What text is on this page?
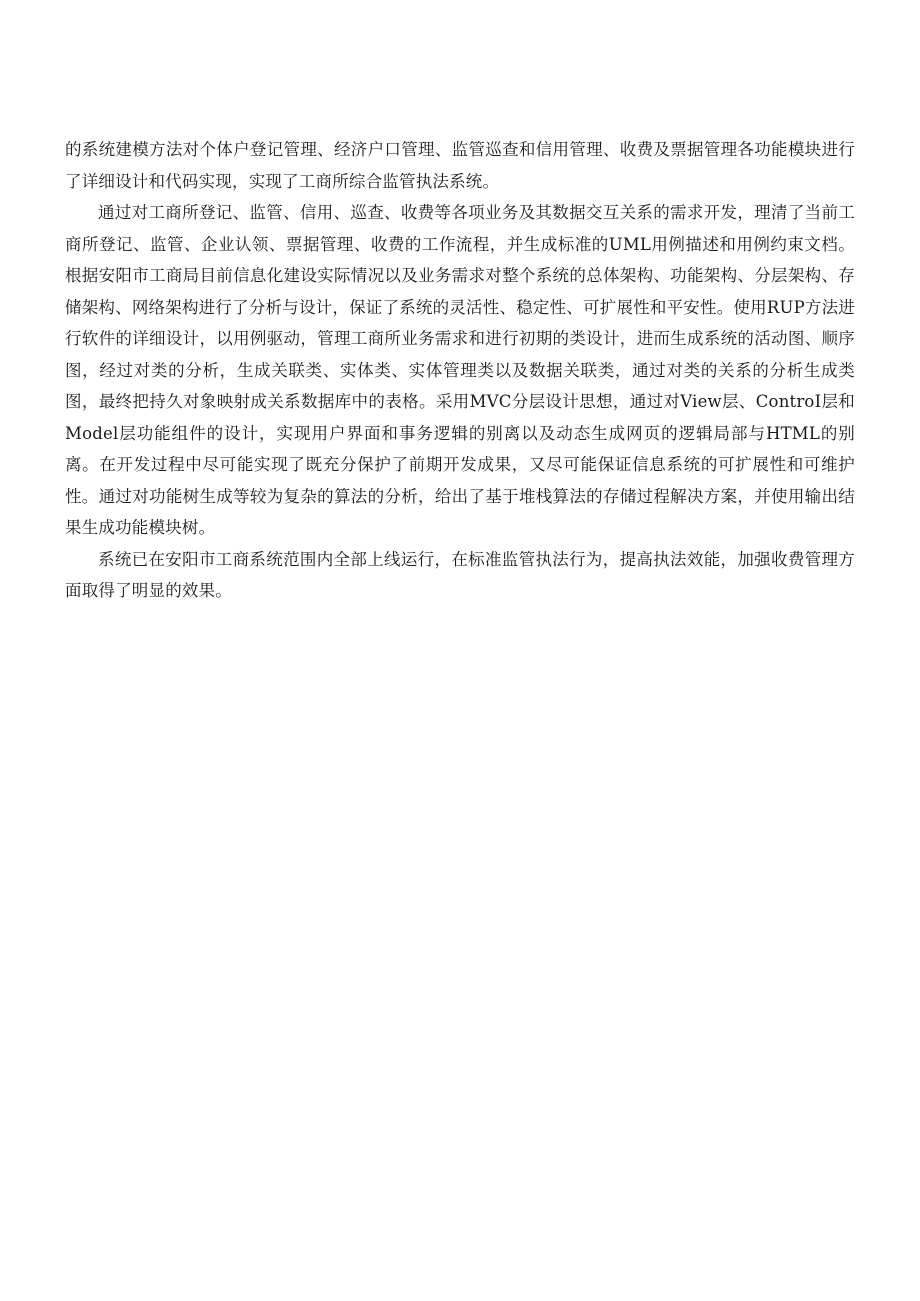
的系统建模方法对个体户登记管理、经济户口管理、监管巡查和信用管理、收费及票据管理各功能模块进行了详细设计和代码实现，实现了工商所综合监管执法系统。

通过对工商所登记、监管、信用、巡查、收费等各项业务及其数据交互关系的需求开发，理清了当前工商所登记、监管、企业认领、票据管理、收费的工作流程，并生成标准的UML用例描述和用例约束文档。根据安阳市工商局目前信息化建设实际情况以及业务需求对整个系统的总体架构、功能架构、分层架构、存储架构、网络架构进行了分析与设计，保证了系统的灵活性、稳定性、可扩展性和平安性。使用RUP方法进行软件的详细设计，以用例驱动，管理工商所业务需求和进行初期的类设计，进而生成系统的活动图、顺序图，经过对类的分析，生成关联类、实体类、实体管理类以及数据关联类，通过对类的关系的分析生成类图，最终把持久对象映射成关系数据库中的表格。采用MVC分层设计思想，通过对View层、ControI层和Model层功能组件的设计，实现用户界面和事务逻辑的别离以及动态生成网页的逻辑局部与HTML的别离。在开发过程中尽可能实现了既充分保护了前期开发成果，又尽可能保证信息系统的可扩展性和可维护性。通过对功能树生成等较为复杂的算法的分析，给出了基于堆栈算法的存储过程解决方案，并使用输出结果生成功能模块树。

系统已在安阳市工商系统范围内全部上线运行，在标准监管执法行为，提高执法效能，加强收费管理方面取得了明显的效果。
